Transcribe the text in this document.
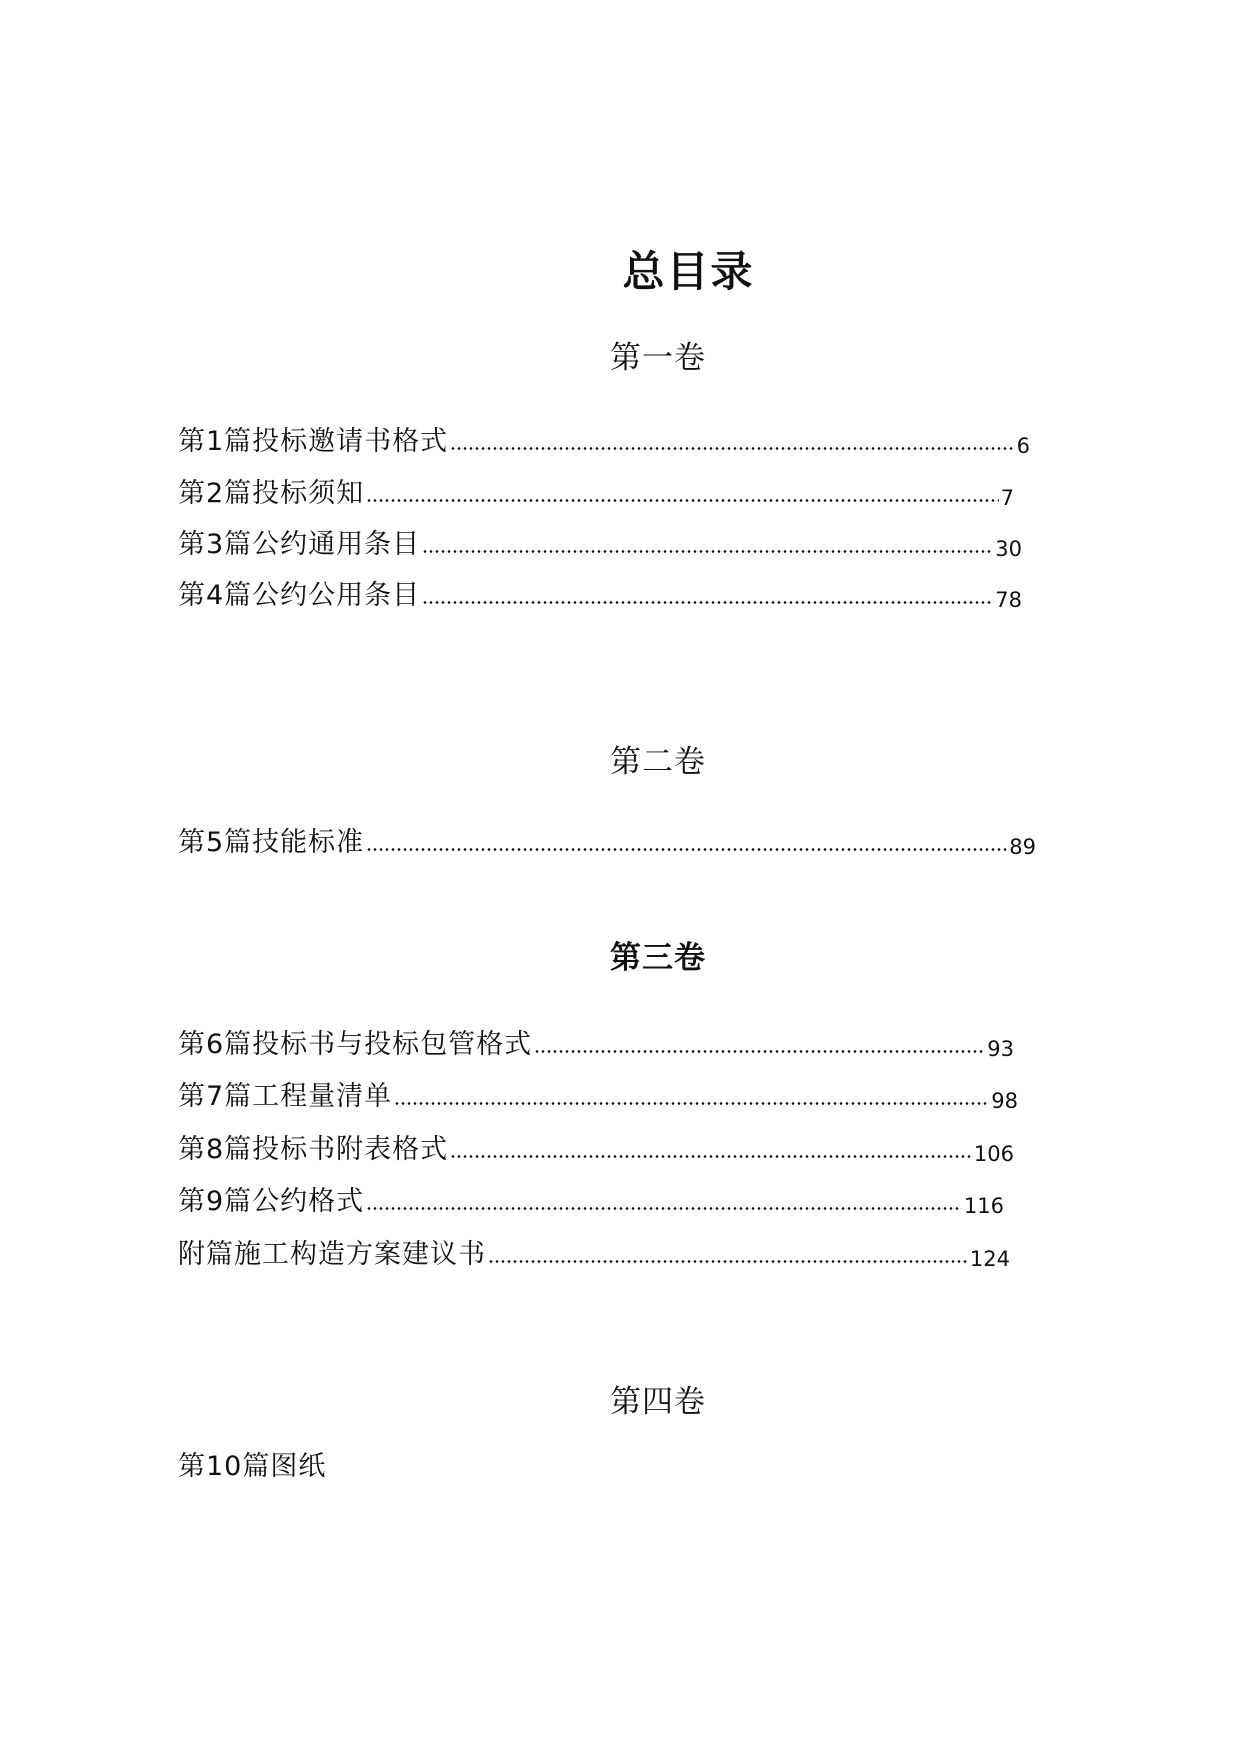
总目录
第一卷
第1篇投标邀请书格式	6
第2篇投标须知	7
第3篇公约通用条目	30
第4篇公约公用条目	78
第二卷
第5篇技能标准	89
第三卷
第6篇投标书与投标包管格式	93
第7篇工程量清单	98
第8篇投标书附表格式	106
第9篇公约格式	116
附篇施工构造方案建议书	124
第四卷
第10篇图纸
